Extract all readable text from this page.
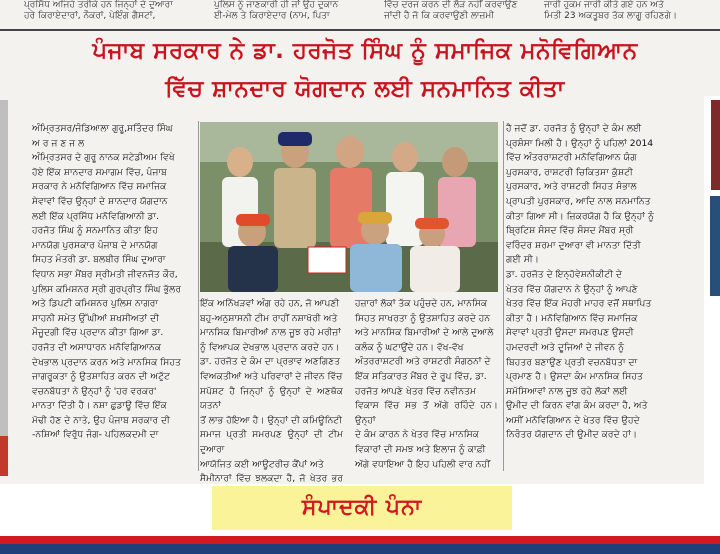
ਪ੍ਰਸਿੱਧ ਅਜਿਹੇ ਤਰੀਕੇ ਹਨ ਜਿਨ੍ਹਾਂ ਦੇ ਦੁਆਰਾ
ਹਰੇ ਕਿਰਾਏਦਾਰਾਂ, ਨੌਕਰਾਂ, ਪੇਇੰਗ ਗੈਸਟਾਂ,
ਪੁਲਿਸ ਨੂੰ ਜਾਣਕਾਰੀ ਹੀ ਜਾਂ ਉਹ ਦੁਕਾਨ
ਈ-ਮੇਲ ਤੇ ਕਿਰਾਏਦਾਰ (ਨਾਮ, ਪਿਤਾ
ਵਿੱਚ ਦਰਜ ਕਰਨ ਦੀ ਲੋੜ ਨਹੀਂ ਕਰਵਾਉਣ
ਜਾਂਦੀ ਹੈ ਜੋ ਕਿ ਕਰਵਾਉਣੀ ਲਾਜ਼ਮੀ
ਜਾਰੀ ਹੁਕਮ ਜਾਰੀ ਕੀਤੇ ਗਏ ਹਨ ਅਤੇ
ਮਿਤੀ 23 ਅਕਤੂਬਰ ਤੱਕ ਲਾਗੂ ਰਹਿਣਗੇ।
ਪੰਜਾਬ ਸਰਕਾਰ ਨੇ ਡਾ. ਹਰਜੋਤ ਸਿੰਘ ਨੂੰ ਸਮਾਜਿਕ ਮਨੋਵਿਗਿਆਨ
ਵਿੱਚ ਸ਼ਾਨਦਾਰ ਯੋਗਦਾਨ ਲਈ ਸਨਮਾਨਿਤ ਕੀਤਾ
ਅੰਮ੍ਰਿਤਸਰ/ਜੰਡਿਆਲਾ ਗੁਰੂ,ਸਤਿੰਦਰ ਸਿੰਘ
ਅ ਰ ਜ ਣ ਜ ਲ
ਅੰਮ੍ਰਿਤਸਰ ਦੇ ਗੁਰੂ ਨਾਨਕ ਸਟੇਡੀਅਮ ਵਿਖੇ
ਹੋਏ ਇੱਕ ਸ਼ਾਨਦਾਰ ਸਮਾਗਮ ਵਿੱਚ, ਪੰਜਾਬ
ਸਰਕਾਰ ਨੇ ਮਨੋਵਿਗਿਆਨ ਵਿੱਚ ਸਮਾਜਿਕ
ਸੇਵਾਵਾਂ ਵਿੱਚ ਉਨ੍ਹਾਂ ਦੇ ਸ਼ਾਨਦਾਰ ਯੋਗਦਾਨ
ਲਈ ਇੱਕ ਪ੍ਰਸਿੱਧ ਮਨੋਵਿਗਿਆਨੀ ਡਾ.
ਹਰਜੋਤ ਸਿੰਘ ਨੂੰ ਸਨਮਾਨਿਤ ਕੀਤਾ ਇਹ
ਮਾਨਯੋਗ ਪੁਰਸਕਾਰ ਪੰਜਾਬ ਦੇ ਮਾਨਯੋਗ
ਸਿਹਤ ਮੰਤਰੀ ਡਾ. ਬਲਬੀਰ ਸਿੰਘ ਦੁਆਰਾ
ਵਿਧਾਨ ਸਭਾ ਮੈਂਬਰ ਸ੍ਰੀਮਤੀ ਜੀਵਨਜੋਤ ਕੌਰ,
ਪੁਲਿਸ ਕਮਿਸ਼ਨਰ ਸ੍ਰੀ ਗੁਰਪ੍ਰੀਤ ਸਿੰਘ ਭੁੱਲਰ
ਅਤੇ ਡਿਪਟੀ ਕਮਿਸ਼ਨਰ ਪੁਲਿਸ ਨਾਗਰਾ
ਸਾਹਨੀ ਸਮੇਤ ਉੱਘੀਆਂ ਸ਼ਖਸੀਅਤਾਂ ਦੀ
ਮੌਜੂਦਗੀ ਵਿੱਚ ਪ੍ਰਦਾਨ ਕੀਤਾ ਗਿਆ ਡਾ.
ਹਰਜੋਤ ਦੀ ਅਸਾਧਾਰਨ ਮਨੋਵਿਗਿਆਨਕ
ਦੇਖਭਾਲ ਪ੍ਰਦਾਨ ਕਰਨ ਅਤੇ ਮਾਨਸਿਕ ਸਿਹਤ
ਜਾਗਰੂਕਤਾ ਨੂੰ ਉਤਸ਼ਾਹਿਤ ਕਰਨ ਦੀ ਅਟੁੱਟ
ਵਚਨਬੱਧਤਾ ਨੇ ਉਨ੍ਹਾਂ ਨੂੰ 'ਹਰ ਵਰਕਰ'
ਮਾਨਤਾ ਦਿੱਤੀ ਹੈ। ਨਸ਼ਾ ਛੁਡਾਊ ਵਿੱਚ ਇੱਕ
ਮੋਢੀ ਹੋਣ ਦੇ ਨਾਤੇ, ਉਹ ਪੰਜਾਬ ਸਰਕਾਰ ਦੀ
-ਨਸ਼ਿਆਂ ਵਿਰੁੱਧ ਜੰਗ- ਪਹਿਲਕਦਮੀ ਦਾ
ਇੱਕ ਅਨਿੱਖੜਵਾਂ ਅੰਗ ਰਹੇ ਹਨ, ਜੋ ਆਪਣੀ
ਬਹੁ-ਅਨੁਸ਼ਾਸਨੀ ਟੀਮ ਰਾਹੀਂ ਨਸ਼ਾਖੋਰੀ ਅਤੇ
ਮਾਨਸਿਕ ਬਿਮਾਰੀਆਂ ਨਾਲ ਜੂਝ ਰਹੇ ਮਰੀਜ਼ਾਂ
ਨੂੰ ਵਿਆਪਕ ਦੇਖਭਾਲ ਪ੍ਰਦਾਨ ਕਰਦੇ ਹਨ।
ਡਾ. ਹਰਜੋਤ ਦੇ ਕੰਮ ਦਾ ਪ੍ਰਭਾਵ ਅਣਗਿਣਤ
ਵਿਅਕਤੀਆਂ ਅਤੇ ਪਰਿਵਾਰਾਂ ਦੇ ਜੀਵਨ ਵਿੱਚ
ਸਪੱਸ਼ਟ ਹੈ ਜਿਨ੍ਹਾਂ ਨੂੰ ਉਨ੍ਹਾਂ ਦੇ ਅਣਥੱਕ ਯਤਨਾਂ
ਤੋਂ ਲਾਭ ਹੋਇਆ ਹੈ। ਉਨ੍ਹਾਂ ਦੀ ਕਮਿਊਨਿਟੀ
ਸਮਾਜ ਪ੍ਰਤੀ ਸਮਰਪਣ ਉਨ੍ਹਾਂ ਦੀ ਟੀਮ ਦੁਆਰਾ
ਆਯੋਜਿਤ ਕਈ ਆਊਟਰੀਚ ਕੈਂਪਾਂ ਅਤੇ
ਸੈਮੀਨਾਰਾਂ ਵਿੱਚ ਝਲਕਦਾ ਹੈ, ਜੋ ਖੇਤਰ ਭਰ
ਹਜ਼ਾਰਾਂ ਲੋਕਾਂ ਤੱਕ ਪਹੁੰਚਦੇ ਹਨ, ਮਾਨਸਿਕ
ਸਿਹਤ ਸਾਖਰਤਾ ਨੂੰ ਉਤਸ਼ਾਹਿਤ ਕਰਦੇ ਹਨ
ਅਤੇ ਮਾਨਸਿਕ ਬਿਮਾਰੀਆਂ ਦੇ ਆਲੇ ਦੁਆਲੇ
ਕਲੰਕ ਨੂੰ ਘਟਾਉਂਦੇ ਹਨ। ਵੱਖ-ਵੱਖ
ਅੰਤਰਰਾਸ਼ਟਰੀ ਅਤੇ ਰਾਸ਼ਟਰੀ ਸੰਗਠਨਾਂ ਦੇ
ਇੱਕ ਸਤਿਕਾਰਤ ਮੈਂਬਰ ਦੇ ਰੂਪ ਵਿੱਚ, ਡਾ.
ਹਰਜੋਤ ਆਪਣੇ ਖੇਤਰ ਵਿੱਚ ਨਵੀਨਤਮ
ਵਿਕਾਸ ਵਿੱਚ ਸਭ ਤੋਂ ਅੱਗੇ ਰਹਿੰਦੇ ਹਨ। ਉਨ੍ਹਾਂ
ਦੇ ਕੰਮ ਕਾਰਨ ਨੇ ਖੇਤਰ ਵਿੱਚ ਮਾਨਸਿਕ
ਵਿਕਾਰਾਂ ਦੀ ਸਮਝ ਅਤੇ ਇਲਾਜ ਨੂੰ ਕਾਫ਼ੀ
ਅੱਗੇ ਵਧਾਇਆ ਹੈ ਇਹ ਪਹਿਲੀ ਵਾਰ ਨਹੀਂ
ਹੈ ਜਦੋਂ ਡਾ. ਹਰਜੋਤ ਨੂੰ ਉਨ੍ਹਾਂ ਦੇ ਕੰਮ ਲਈ
ਪ੍ਰਸ਼ੰਸਾ ਮਿਲੀ ਹੈ। ਉਨ੍ਹਾਂ ਨੂੰ ਪਹਿਲਾਂ 2014
ਵਿੱਚ ਅੰਤਰਰਾਸ਼ਟਰੀ ਮਨੋਵਿਗਿਆਨ ਯੰਗ
ਪੁਰਸਕਾਰ, ਰਾਸ਼ਟਰੀ ਚਿਕਿਤਸਾ ਕੁੱਸ਼ਟੀ
ਪੁਰਸਕਾਰ, ਅਤੇ ਰਾਸ਼ਟਰੀ ਸਿਹਤ ਸੰਭਾਲ
ਪ੍ਰਾਪਤੀ ਪੁਰਸਕਾਰ, ਆਦਿ ਨਾਲ ਸਨਮਾਨਿਤ
ਕੀਤਾ ਗਿਆ ਸੀ। ਜ਼ਿਕਰਯੋਗ ਹੈ ਕਿ ਉਨ੍ਹਾਂ ਨੂੰ
ਬ੍ਰਿਟਿਸ਼ ਸੰਸਦ ਵਿੱਚ ਸੰਸਦ ਮੈਂਬਰ ਸ੍ਰੀ
ਵਰਿੰਦਰ ਸ਼ਰਮਾ ਦੁਆਰਾ ਵੀ ਮਾਨਤਾ ਦਿੱਤੀ
ਗਈ ਸੀ।
ਡਾ. ਹਰਜੋਤ ਦੇ ਇਨ੍ਹੋਵੇਸ਼ਨੀਕੀਟੀ ਦੇ
ਖੇਤਰ ਵਿੱਚ ਯੋਗਦਾਨ ਨੇ ਉਨ੍ਹਾਂ ਨੂੰ ਆਪਣੇ
ਖੇਤਰ ਵਿੱਚ ਇੱਕ ਮੋਹਰੀ ਮਾਹਰ ਵਜੋਂ ਸਥਾਪਿਤ
ਕੀਤਾ ਹੈ। ਮਨੋਵਿਗਿਆਨ ਵਿੱਚ ਸਮਾਜਿਕ
ਸੇਵਾਵਾਂ ਪ੍ਰਤੀ ਉਸਦਾ ਸਮਰਪਣ ਉਸਦੀ
ਹਮਦਰਦੀ ਅਤੇ ਦੂਜਿਆਂ ਦੇ ਜੀਵਨ ਨੂੰ
ਬਿਹਤਰ ਬਣਾਉਣ ਪ੍ਰਤੀ ਵਚਨਬੱਧਤਾ ਦਾ
ਪ੍ਰਮਾਣ ਹੈ। ਉਸਦਾ ਕੰਮ ਮਾਨਸਿਕ ਸਿਹਤ
ਸਮੱਸਿਆਵਾਂ ਨਾਲ ਜੂਝ ਰਹੇ ਲੋਕਾਂ ਲਈ
ਉਮੀਦ ਦੀ ਕਿਰਨ ਵਾਂਗ ਕੰਮ ਕਰਦਾ ਹੈ, ਅਤੇ
ਅਸੀਂ ਮਨੋਵਿਗਿਆਨ ਦੇ ਖੇਤਰ ਵਿੱਚ ਉਹਦੇ
ਨਿਰੰਤਰ ਯੋਗਦਾਨ ਦੀ ਉਮੀਦ ਕਰਦੇ ਹਾਂ।
ਸੰਪਾਦਕੀ ਪੰਨਾ
